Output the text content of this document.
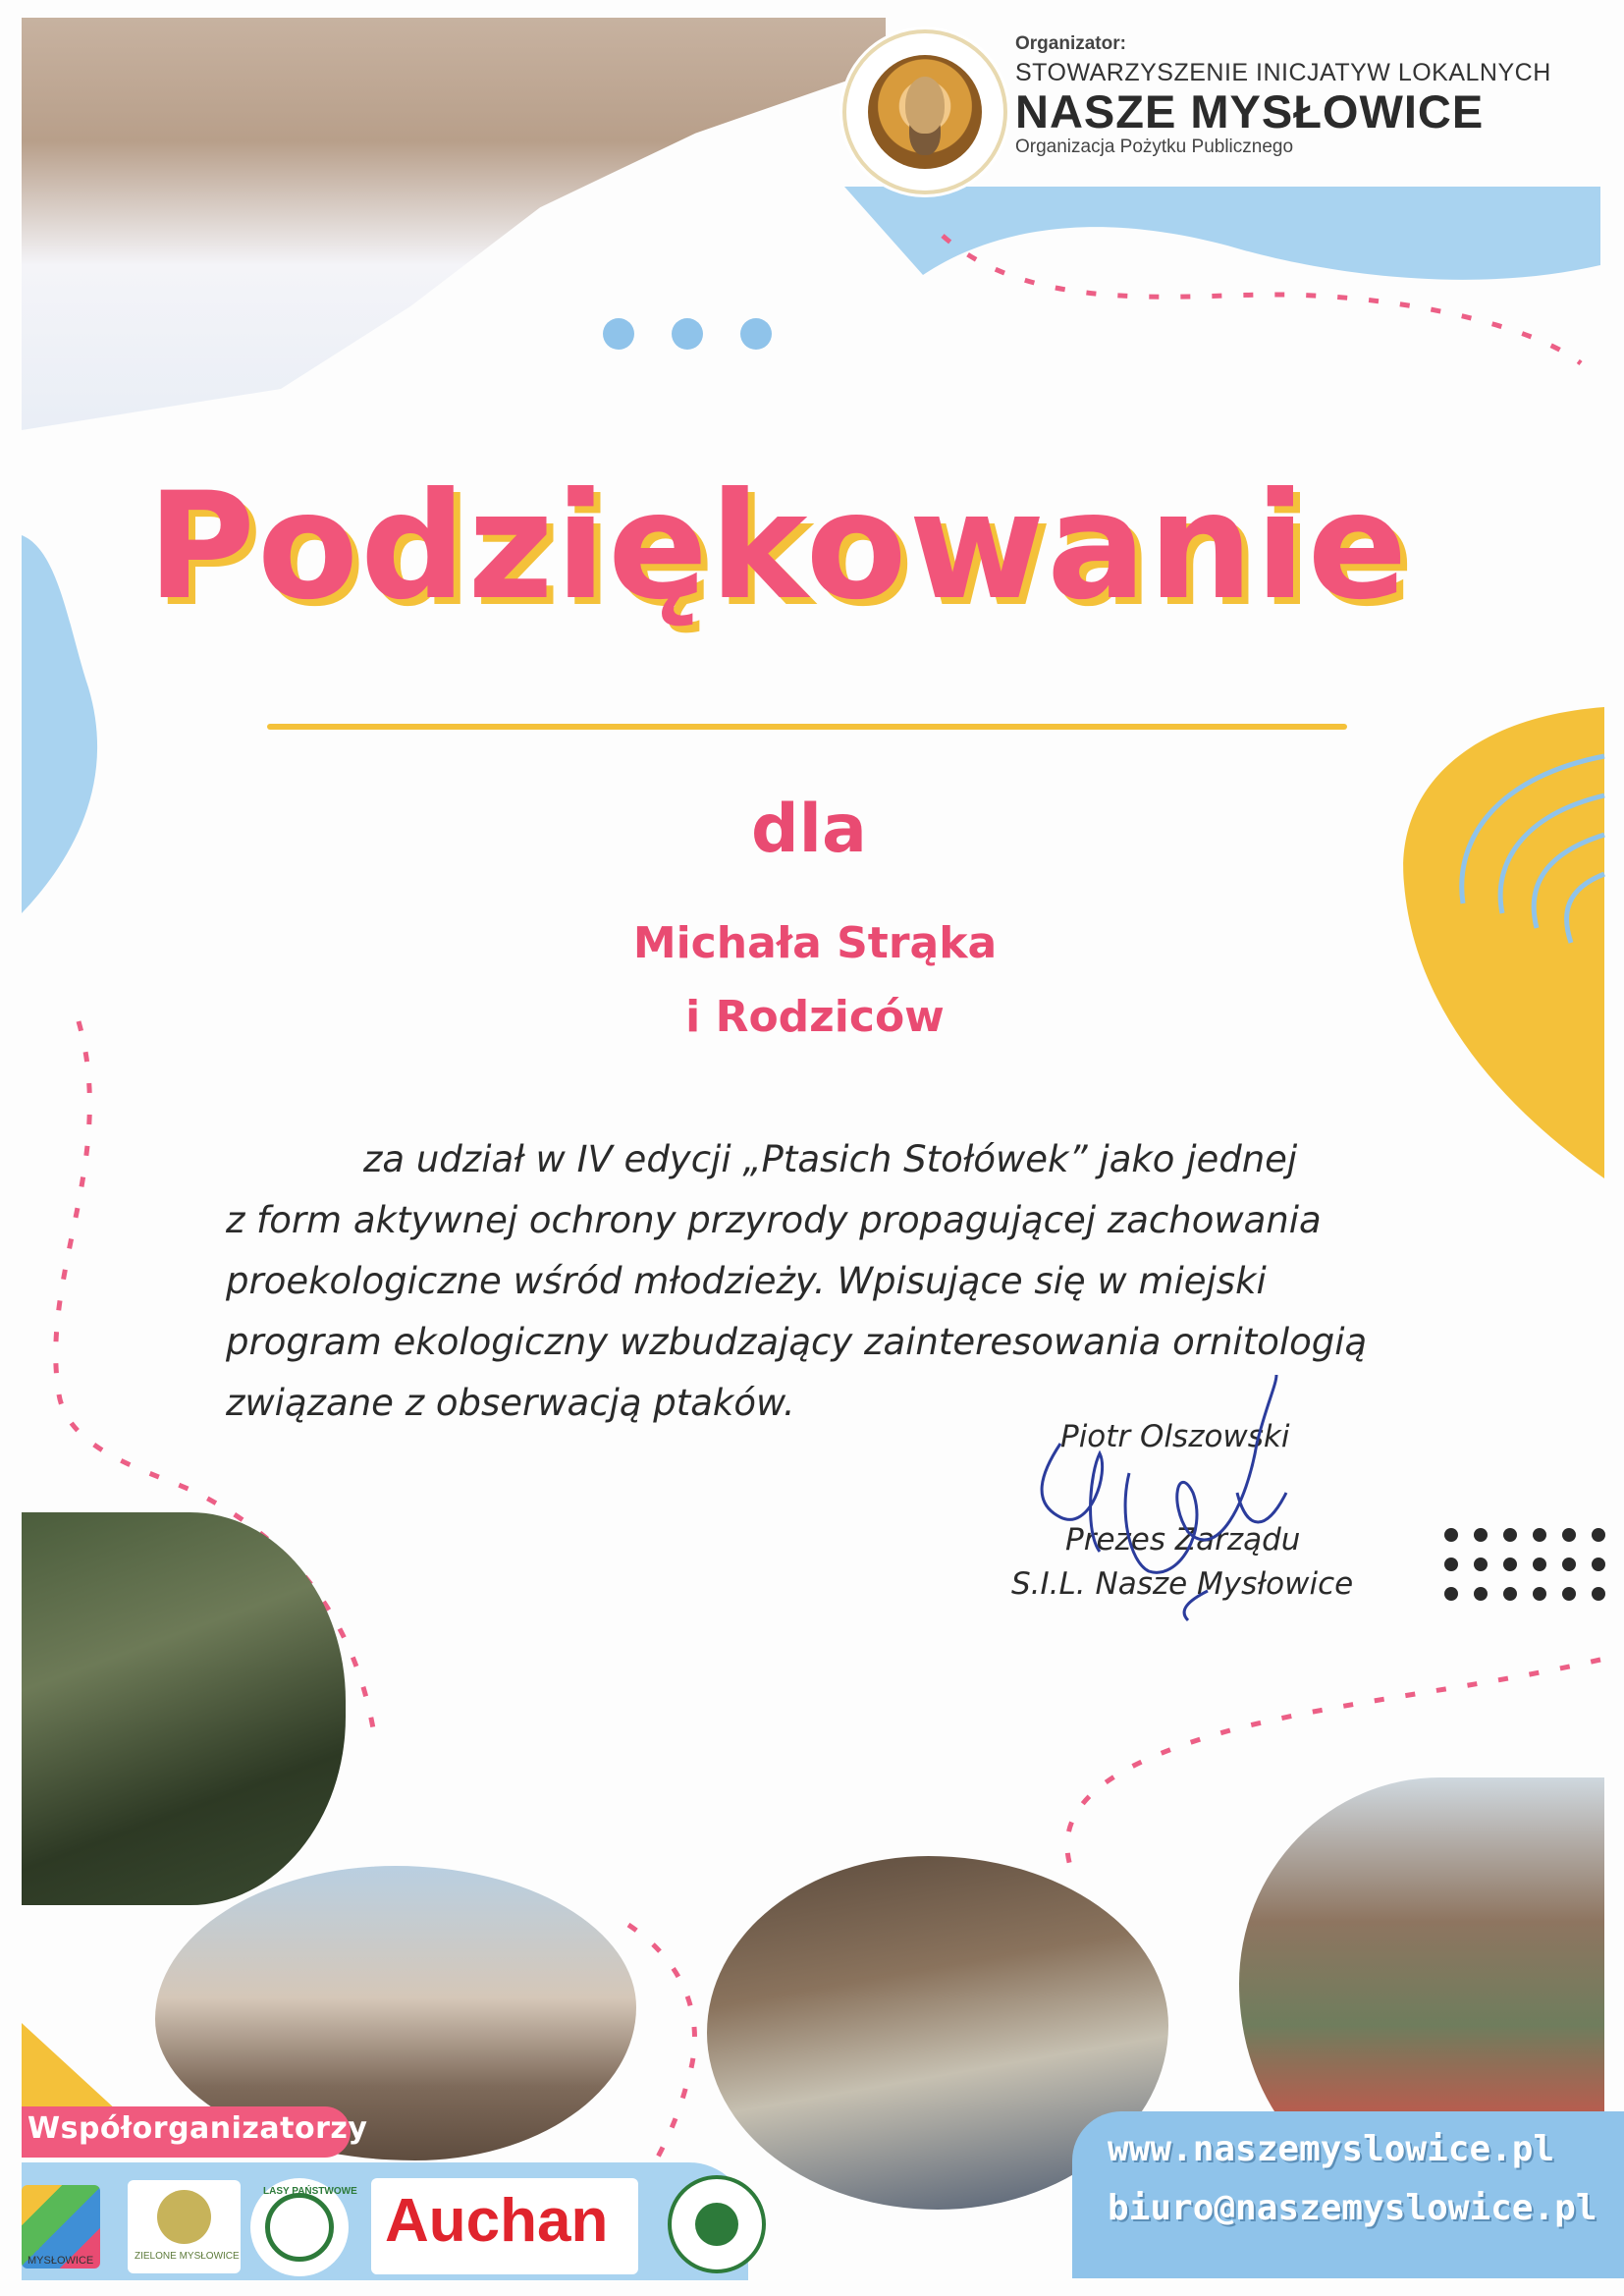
Organizator:
STOWARZYSZENIE INICJATYW LOKALNYCH
NASZE MYSŁOWICE
Organizacja Pożytku Publicznego
Podziękowanie
dla
Michała Strąka
i Rodziców
za udział w IV edycji „Ptasich Stołówek” jako jednej
z form aktywnej ochrony przyrody propagującej zachowania
proekologiczne wśród młodzieży. Wpisujące się w miejski
program ekologiczny wzbudzający zainteresowania ornitologią
związane z obserwacją ptaków.
Piotr Olszowski
Prezes Zarządu
S.I.L. Nasze Mysłowice
Współorganizatorzy
MYSŁOWICE	ZIELONE MYSŁOWICE
LASY PAŃSTWOWE Auchan
www.naszemyslowice.pl
biuro@naszemyslowice.pl
